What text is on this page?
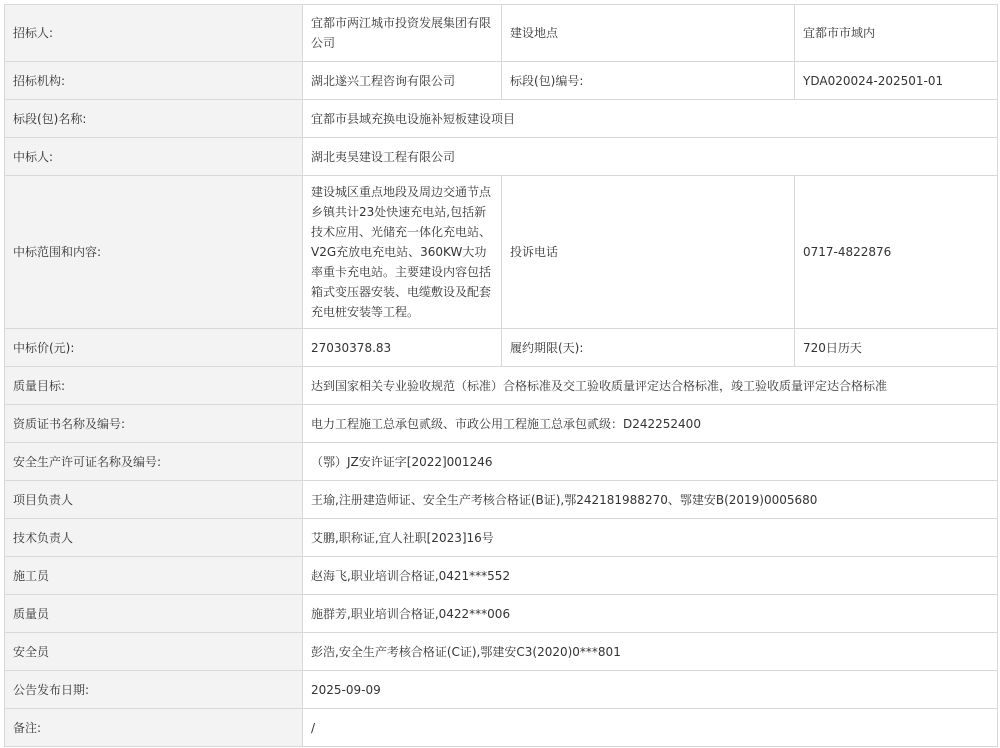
招标人:	宜都市两江城市投资发展集团有限公司	建设地点	宜都市市域内
招标机构:	湖北遂兴工程咨询有限公司	标段(包)编号:	YDA020024-202501-01
标段(包)名称:	宜都市县域充换电设施补短板建设项目		
中标人:	湖北夷昊建设工程有限公司		
中标范围和内容:	建设城区重点地段及周边交通节点乡镇共计23处快速充电站,包括新技术应用、光储充一体化充电站、V2G充放电充电站、360KW大功率重卡充电站。主要建设内容包括箱式变压器安装、电缆敷设及配套充电桩安装等工程。	投诉电话	0717-4822876
中标价(元):	27030378.83	履约期限(天):	720日历天
质量目标:	达到国家相关专业验收规范（标准）合格标准及交工验收质量评定达合格标准，竣工验收质量评定达合格标准		
资质证书名称及编号:	电力工程施工总承包贰级、市政公用工程施工总承包贰级：D242252400		
安全生产许可证名称及编号:	（鄂）JZ安许证字[2022]001246		
项目负责人	王瑜,注册建造师证、安全生产考核合格证(B证),鄂242181988270、鄂建安B(2019)0005680		
技术负责人	艾鹏,职称证,宜人社职[2023]16号		
施工员	赵海飞,职业培训合格证,0421***552		
质量员	施群芳,职业培训合格证,0422***006		
安全员	彭浩,安全生产考核合格证(C证),鄂建安C3(2020)0***801		
公告发布日期:	2025-09-09		
备注:	/		
